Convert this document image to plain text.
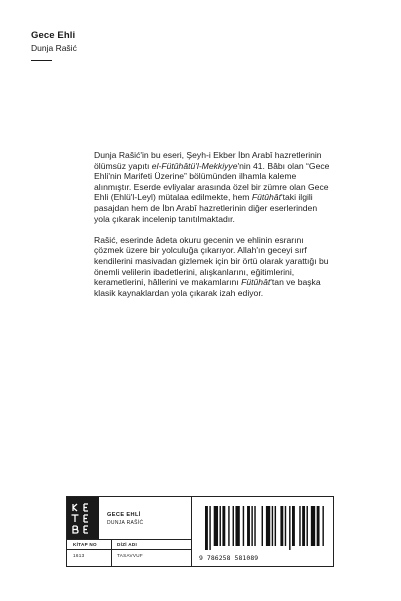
Gece Ehli
Dunja Rašić

Dunja Rašić'in bu eseri, Şeyh-i Ekber İbn Arabî hazretlerinin ölümsüz yapıtı el-Fütûhâtü'l-Mekkiyye'nin 41. Bâbı olan “Gece Ehli'nin Marifeti Üzerine” bölümünden ilhamla kaleme alınmıştır. Eserde evliyalar arasında özel bir zümre olan Gece Ehli (Ehlü'l-Leyl) mütalaa edilmekte, hem Fütûhât'taki ilgili pasajdan hem de İbn Arabî hazretlerinin diğer eserlerinden yola çıkarak incelenip tanıtılmaktadır.

Rašić, eserinde âdeta okuru gecenin ve ehlinin esrarını çözmek üzere bir yolculuğa çıkarıyor. Allah'ın geceyi sırf kendilerini masivadan gizlemek için bir örtü olarak yarattığı bu önemli velilerin ibadetlerini, alışkanlarını, eğitimlerini, kerametlerini, hâllerini ve makamlarını Fütûhât'tan ve başka klasik kaynaklardan yola çıkarak izah ediyor.

GECE EHLİ
DUNJA RAŠİĆ
KİTAP NO	DİZİ ADI
1613	TASAVVUF	9 786258 581089
